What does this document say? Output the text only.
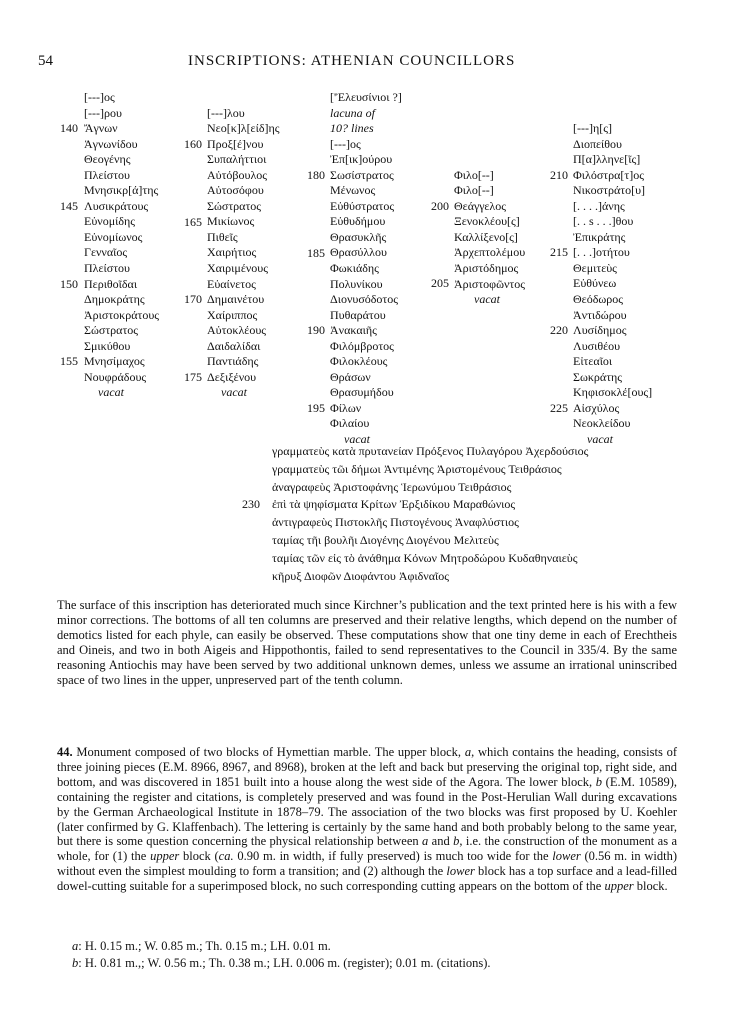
54	INSCRIPTIONS: ATHENIAN COUNCILLORS
[---]ος
[---]ρου
Ἄγνων
Ἁγνωνίδου
Θεογένης
Πλείστου
Μνησικρ[ά]της
Λυσικράτους
Εὐνομίδης
Εὐνομίωνος
Γενναῖος
Πλείστου
Περιθοῖδαι
Δημοκράτης
Ἀριστοκράτους
Σώστρατος
Σμικύθου
Μνησίμαχος
Νουφράδους
vacat
140
145
150
155
[---]λου
Νεο[κ]λ[είδ]ης
Προξ[έ]νου
Συπαλήττιοι
Αὐτόβουλος
Αὐτοσόφου
Σώστρατος
Μικίωνος
Πιθεῖς
Χαιρήτιος
Χαιριμένους
Εὐαίνετος
Δημαινέτου
Χαίριππος
Αὐτοκλέους
Δαιδαλίδαι
Παντιάδης
Δεξιξένου
vacat
160
165
170
175
['Ἐλευσίνιοι ?]
lacuna of
10? lines
[---]ος
Ἐπ[ικ]ούρου
Σωσίστρατος
Μένωνος
Εὐθύστρατος
Εὐθυδήμου
Θρασυκλῆς
Θρασύλλου
Φωκιάδης
Πολυνίκου
Διονυσόδοτος
Πυθαράτου
Ἀνακαιῆς
Φιλόμβροτος
Φιλοκλέους
Θράσων
Θρασυμήδου
Φίλων
Φιλαίου
vacat
180
185
190
195
Φιλο[--]
Φιλο[--]
Θεάγγελος
Ξενοκλέου[ς]
Καλλίξενο[ς]
Ἀρχεπτολέμου
Ἀριστόδημος
Ἀριστοφῶντος
vacat
200
205
[---]η[ς]
Διοπείθου
Π[α]λληνε[ῖς]
Φιλόστρα[τ]ος
Νικοστράτο[υ]
[. . . .]άνης
[. . s . . .]θου
Ἐπικράτης
[. . .]οτήτου
Θεμιτεὺς
Εὐθύνεω
Θεόδωρος
Ἀντιδώρου
Λυσίδημος
Λυσιθέου
Εἰτεαῖοι
Σωκράτης
Κηφισοκλέ[ους]
Αἰσχύλος
Νεοκλείδου
vacat
210
215
220
225
γραμματεὺς κατὰ πρυτανείαν Πρόξενος Πυλαγόρου Ἀχερδούσιος
γραμματεὺς τῶι δήμωι Ἀντιμένης Ἀριστομένους Τειθράσιος
ἀναγραφεὺς Ἀριστοφάνης Ἱερωνύμου Τειθράσιος
230 ἐπὶ τὰ ψηφίσματα Κρίτων Ἐρξιδίκου Μαραθώνιος
ἀντιγραφεὺς Πιστοκλῆς Πιστογένους Ἀναφλύστιος
ταμίας τῆι βουλῆι Διογένης Διογένου Μελιτεὺς
ταμίας τῶν εἰς τὸ ἀνάθημα Κόνων Μητροδώρου Κυδαθηναιεὺς
κῆρυξ Διοφῶν Διοφάντου Ἀφιδναῖος
The surface of this inscription has deteriorated much since Kirchner’s publication and the text printed here is his with a few minor corrections. The bottoms of all ten columns are preserved and their relative lengths, which depend on the number of demotics listed for each phyle, can easily be observed. These computations show that one tiny deme in each of Erechtheis and Oineis, and two in both Aigeis and Hippothontis, failed to send representatives to the Council in 335/4. By the same reasoning Antiochis may have been served by two additional unknown demes, unless we assume an irrational uninscribed space of two lines in the upper, unpreserved part of the tenth column.
44. Monument composed of two blocks of Hymettian marble. The upper block, a, which contains the heading, consists of three joining pieces (E.M. 8966, 8967, and 8968), broken at the left and back but preserving the original top, right side, and bottom, and was discovered in 1851 built into a house along the west side of the Agora. The lower block, b (E.M. 10589), containing the register and citations, is completely preserved and was found in the Post-Herulian Wall during excavations by the German Archaeological Institute in 1878–79. The association of the two blocks was first proposed by U. Koehler (later confirmed by G. Klaffenbach). The lettering is certainly by the same hand and both probably belong to the same year, but there is some question concerning the physical relationship between a and b, i.e. the construction of the monument as a whole, for (1) the upper block (ca. 0.90 m. in width, if fully preserved) is much too wide for the lower (0.56 m. in width) without even the simplest moulding to form a transition; and (2) although the lower block has a top surface and a lead-filled dowel-cutting suitable for a superimposed block, no such corresponding cutting appears on the bottom of the upper block.
a: H. 0.15 m.; W. 0.85 m.; Th. 0.15 m.; LH. 0.01 m.
b: H. 0.81 m.,; W. 0.56 m.; Th. 0.38 m.; LH. 0.006 m. (register); 0.01 m. (citations).
